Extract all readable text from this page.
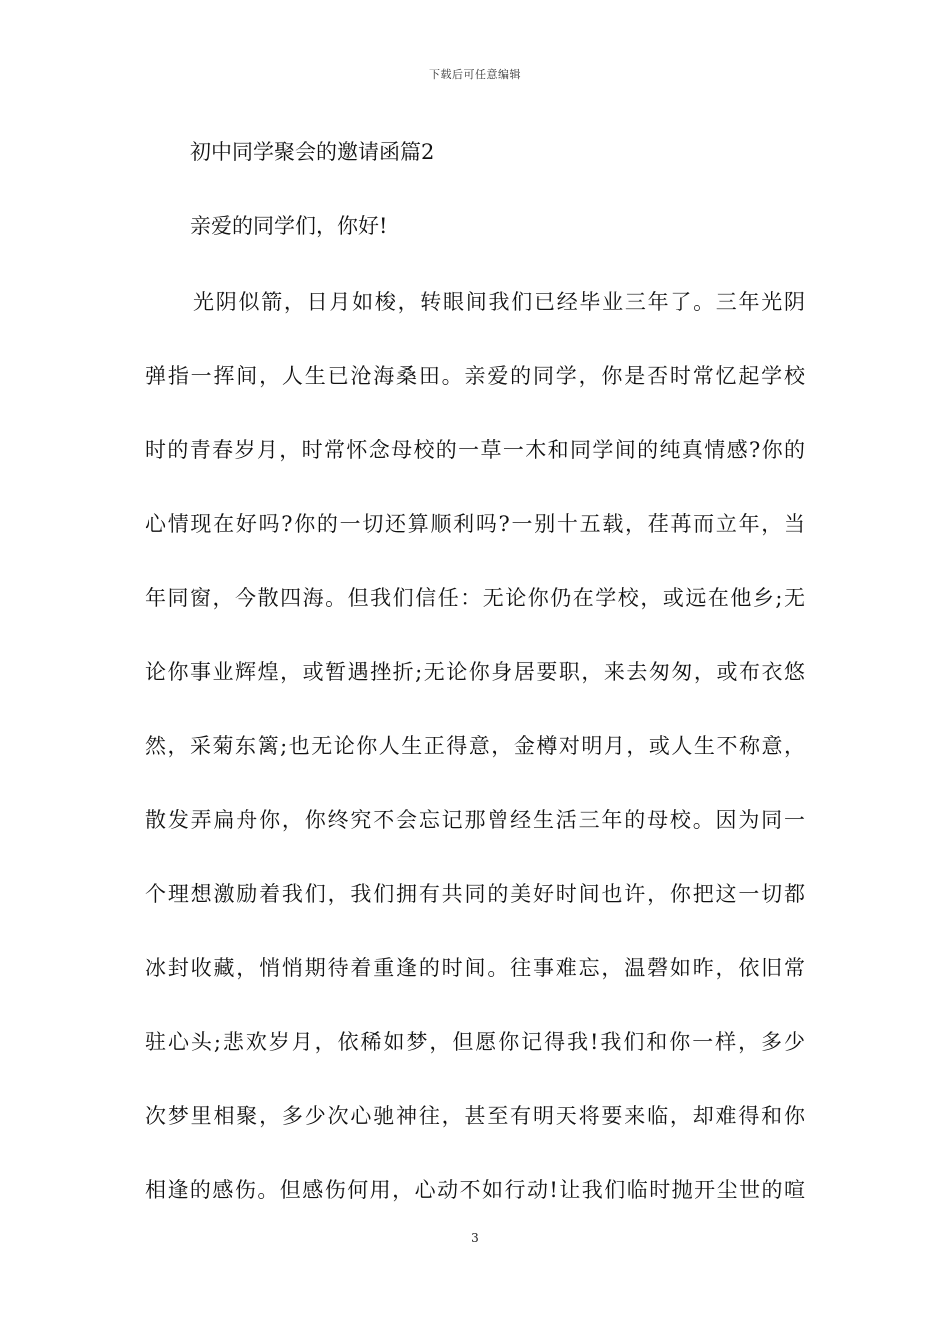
下载后可任意编辑
初中同学聚会的邀请函篇2
亲爱的同学们，你好!
光阴似箭，日月如梭，转眼间我们已经毕业三年了。三年光阴
弹指一挥间，人生已沧海桑田。亲爱的同学，你是否时常忆起学校
时的青春岁月，时常怀念母校的一草一木和同学间的纯真情感?你的
心情现在好吗?你的一切还算顺利吗?一别十五载，荏苒而立年，当
年同窗，今散四海。但我们信任：无论你仍在学校，或远在他乡;无
论你事业辉煌，或暂遇挫折;无论你身居要职，来去匆匆，或布衣悠
然，采菊东篱;也无论你人生正得意，金樽对明月，或人生不称意，
散发弄扁舟你，你终究不会忘记那曾经生活三年的母校。因为同一
个理想激励着我们，我们拥有共同的美好时间也许，你把这一切都
冰封收藏，悄悄期待着重逢的时间。往事难忘，温磬如昨，依旧常
驻心头;悲欢岁月，依稀如梦，但愿你记得我!我们和你一样，多少
次梦里相聚，多少次心驰神往，甚至有明天将要来临，却难得和你
相逢的感伤。但感伤何用，心动不如行动!让我们临时抛开尘世的喧
3
